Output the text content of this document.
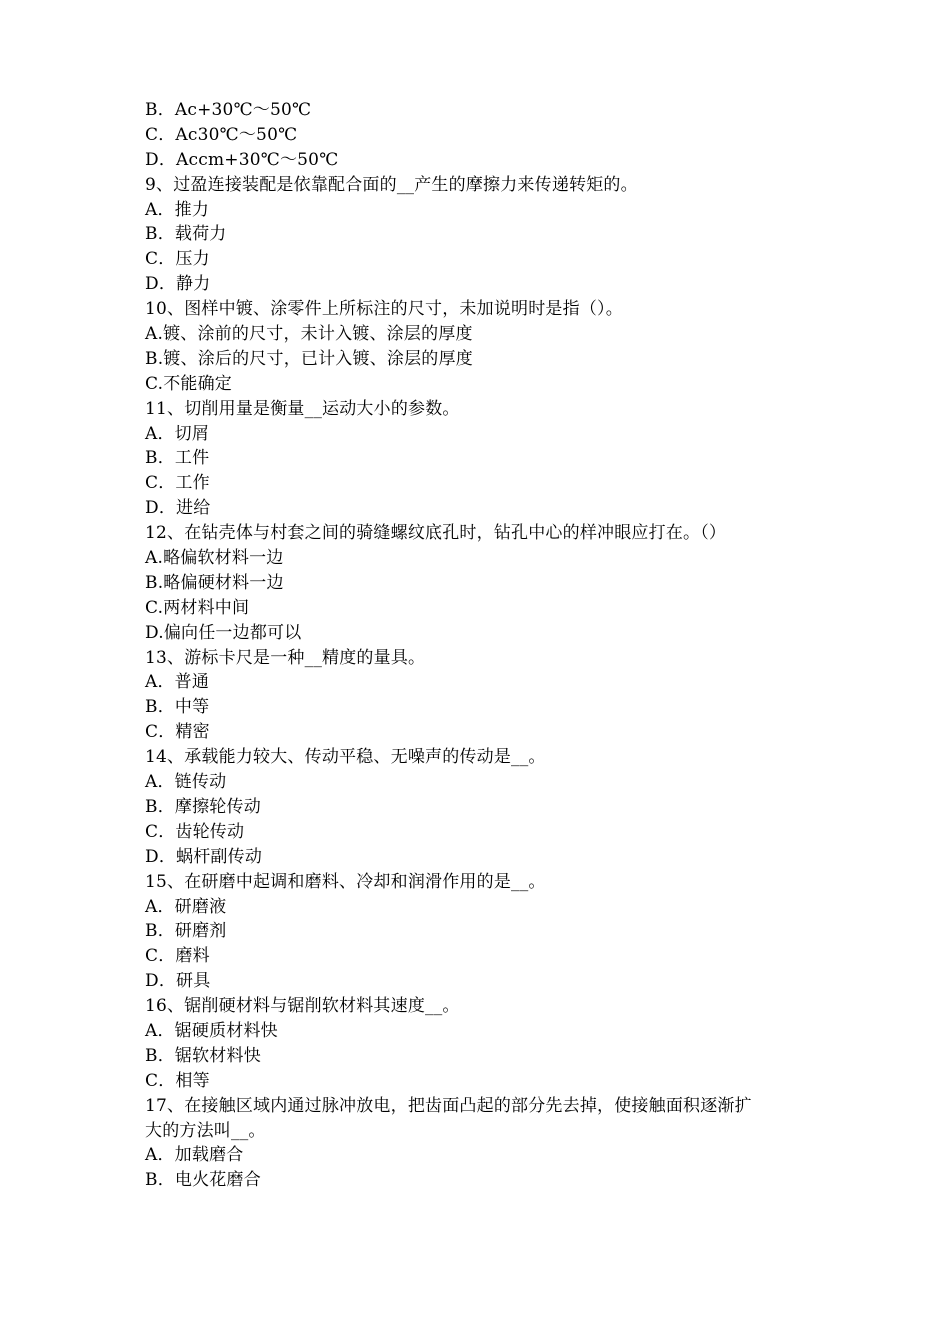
B．Ac+30℃～50℃
C．Ac30℃～50℃
D．Accm+30℃～50℃
9、过盈连接装配是依靠配合面的__产生的摩擦力来传递转矩的。
A．推力
B．载荷力
C．压力
D．静力
10、图样中镀、涂零件上所标注的尺寸，未加说明时是指（）。
A.镀、涂前的尺寸，未计入镀、涂层的厚度
B.镀、涂后的尺寸，已计入镀、涂层的厚度
C.不能确定
11、切削用量是衡量__运动大小的参数。
A．切屑
B．工件
C．工作
D．进给
12、在钻壳体与村套之间的骑缝螺纹底孔时，钻孔中心的样冲眼应打在。（）
A.略偏软材料一边
B.略偏硬材料一边
C.两材料中间
D.偏向任一边都可以
13、游标卡尺是一种__精度的量具。
A．普通
B．中等
C．精密
14、承载能力较大、传动平稳、无噪声的传动是__。
A．链传动
B．摩擦轮传动
C．齿轮传动
D．蜗杆副传动
15、在研磨中起调和磨料、冷却和润滑作用的是__。
A．研磨液
B．研磨剂
C．磨料
D．研具
16、锯削硬材料与锯削软材料其速度__。
A．锯硬质材料快
B．锯软材料快
C．相等
17、在接触区域内通过脉冲放电，把齿面凸起的部分先去掉，使接触面积逐渐扩
大的方法叫__。
A．加载磨合
B．电火花磨合
